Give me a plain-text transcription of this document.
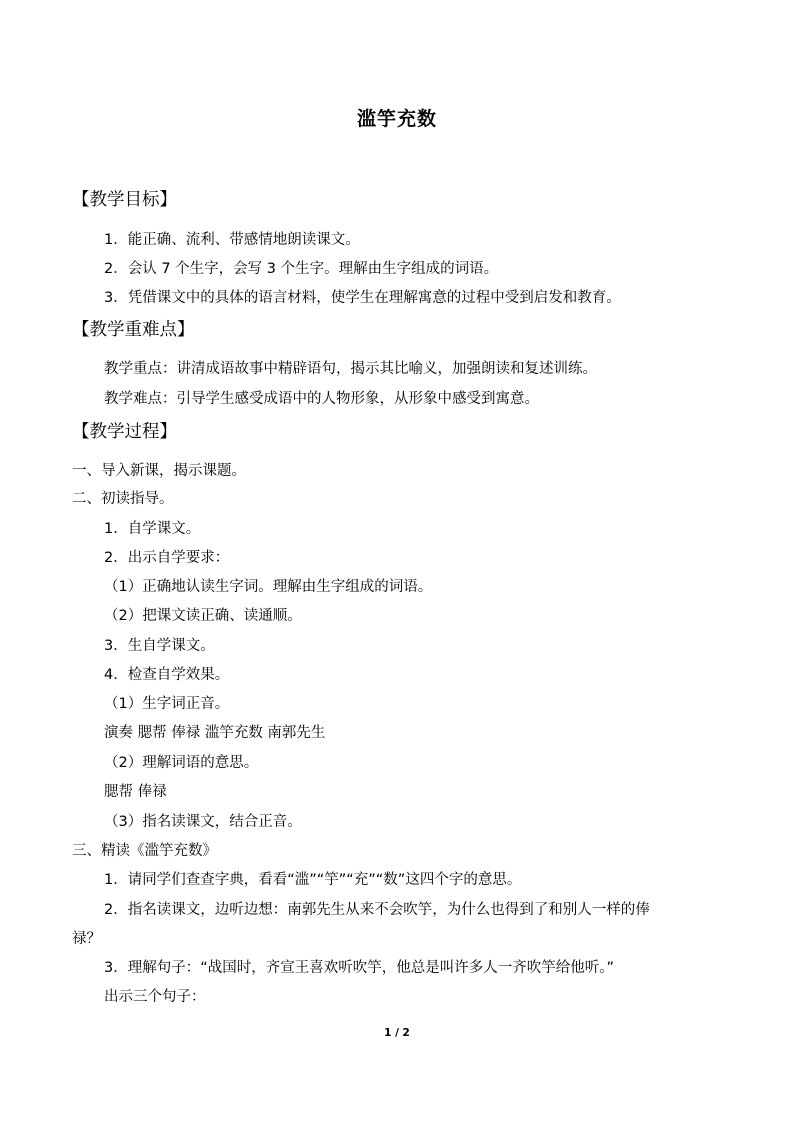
滥竽充数
【教学目标】
1．能正确、流利、带感情地朗读课文。
2．会认 7 个生字，会写 3 个生字。理解由生字组成的词语。
3．凭借课文中的具体的语言材料，使学生在理解寓意的过程中受到启发和教育。
【教学重难点】
教学重点：讲清成语故事中精辟语句，揭示其比喻义，加强朗读和复述训练。
教学难点：引导学生感受成语中的人物形象，从形象中感受到寓意。
【教学过程】
一、导入新课，揭示课题。
二、初读指导。
1．自学课文。
2．出示自学要求：
（1）正确地认读生字词。理解由生字组成的词语。
（2）把课文读正确、读通顺。
3．生自学课文。
4．检查自学效果。
（1）生字词正音。
演奏 腮帮 俸禄 滥竽充数 南郭先生
（2）理解词语的意思。
腮帮 俸禄
（3）指名读课文，结合正音。
三、精读《滥竽充数》
1．请同学们查查字典，看看“滥”“竽”“充”“数”这四个字的意思。
2．指名读课文，边听边想：南郭先生从来不会吹竽，为什么也得到了和别人一样的俸
禄？
3．理解句子：“战国时，齐宣王喜欢听吹竽，他总是叫许多人一齐吹竽给他听。”
出示三个句子：
1 / 2
